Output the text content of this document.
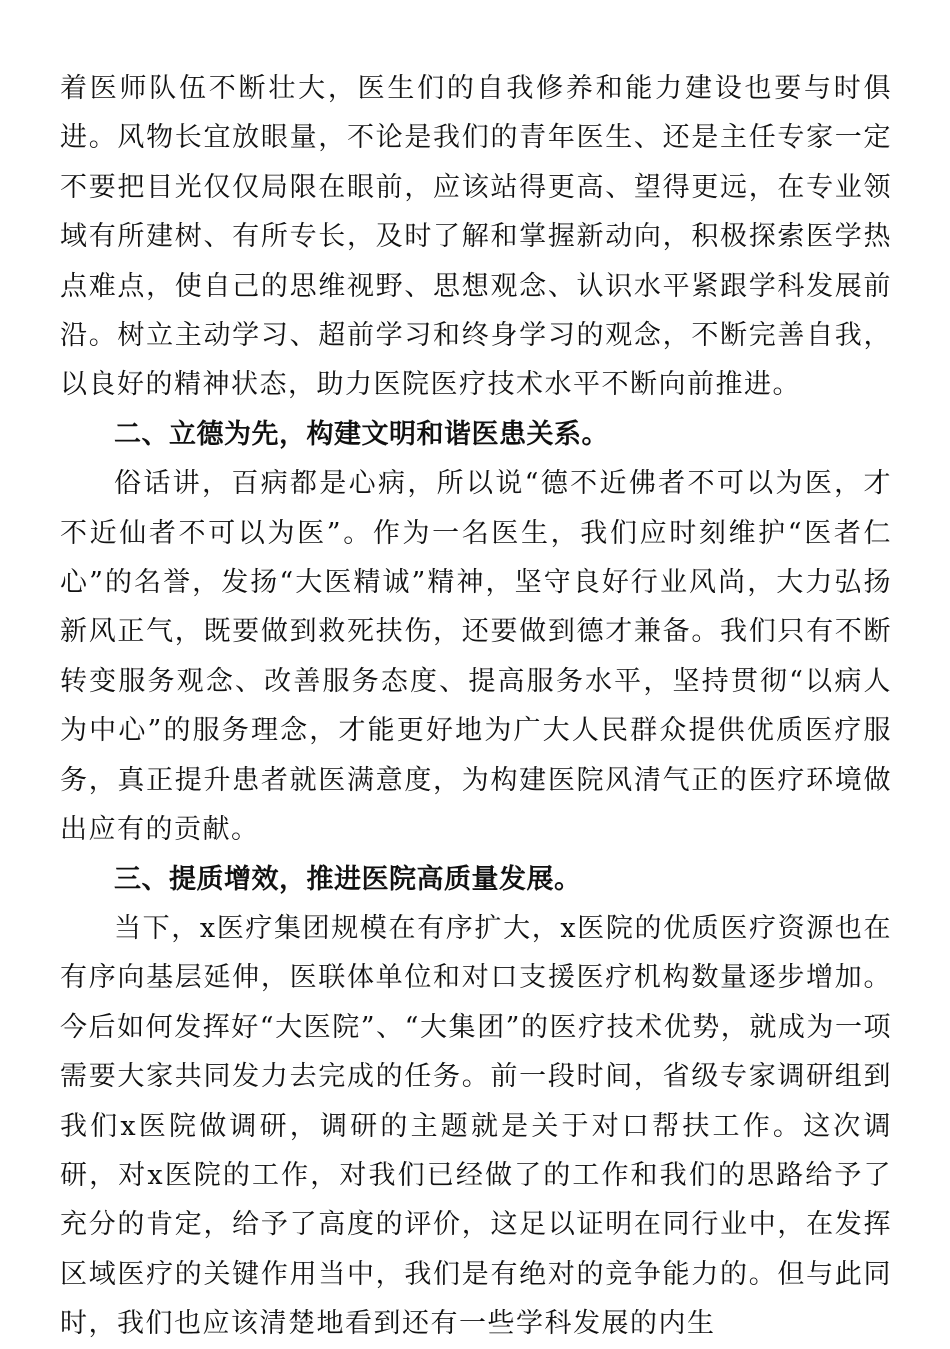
着医师队伍不断壮大，医生们的自我修养和能力建设也要与时俱进。风物长宜放眼量，不论是我们的青年医生、还是主任专家一定不要把目光仅仅局限在眼前，应该站得更高、望得更远，在专业领域有所建树、有所专长，及时了解和掌握新动向，积极探索医学热点难点，使自己的思维视野、思想观念、认识水平紧跟学科发展前沿。树立主动学习、超前学习和终身学习的观念，不断完善自我，以良好的精神状态，助力医院医疗技术水平不断向前推进。

二、立德为先，构建文明和谐医患关系。

俗话讲，百病都是心病，所以说“德不近佛者不可以为医，才不近仙者不可以为医”。作为一名医生，我们应时刻维护“医者仁心”的名誉，发扬“大医精诚”精神，坚守良好行业风尚，大力弘扬新风正气，既要做到救死扶伤，还要做到德才兼备。我们只有不断转变服务观念、改善服务态度、提高服务水平，坚持贯彻“以病人为中心”的服务理念，才能更好地为广大人民群众提供优质医疗服务，真正提升患者就医满意度，为构建医院风清气正的医疗环境做出应有的贡献。

三、提质增效，推进医院高质量发展。

当下，x医疗集团规模在有序扩大，x医院的优质医疗资源也在有序向基层延伸，医联体单位和对口支援医疗机构数量逐步增加。今后如何发挥好“大医院”、“大集团”的医疗技术优势，就成为一项需要大家共同发力去完成的任务。前一段时间，省级专家调研组到我们x医院做调研，调研的主题就是关于对口帮扶工作。这次调研，对x医院的工作，对我们已经做了的工作和我们的思路给予了充分的肯定，给予了高度的评价，这足以证明在同行业中，在发挥区域医疗的关键作用当中，我们是有绝对的竞争能力的。但与此同时，我们也应该清楚地看到还有一些学科发展的内生
